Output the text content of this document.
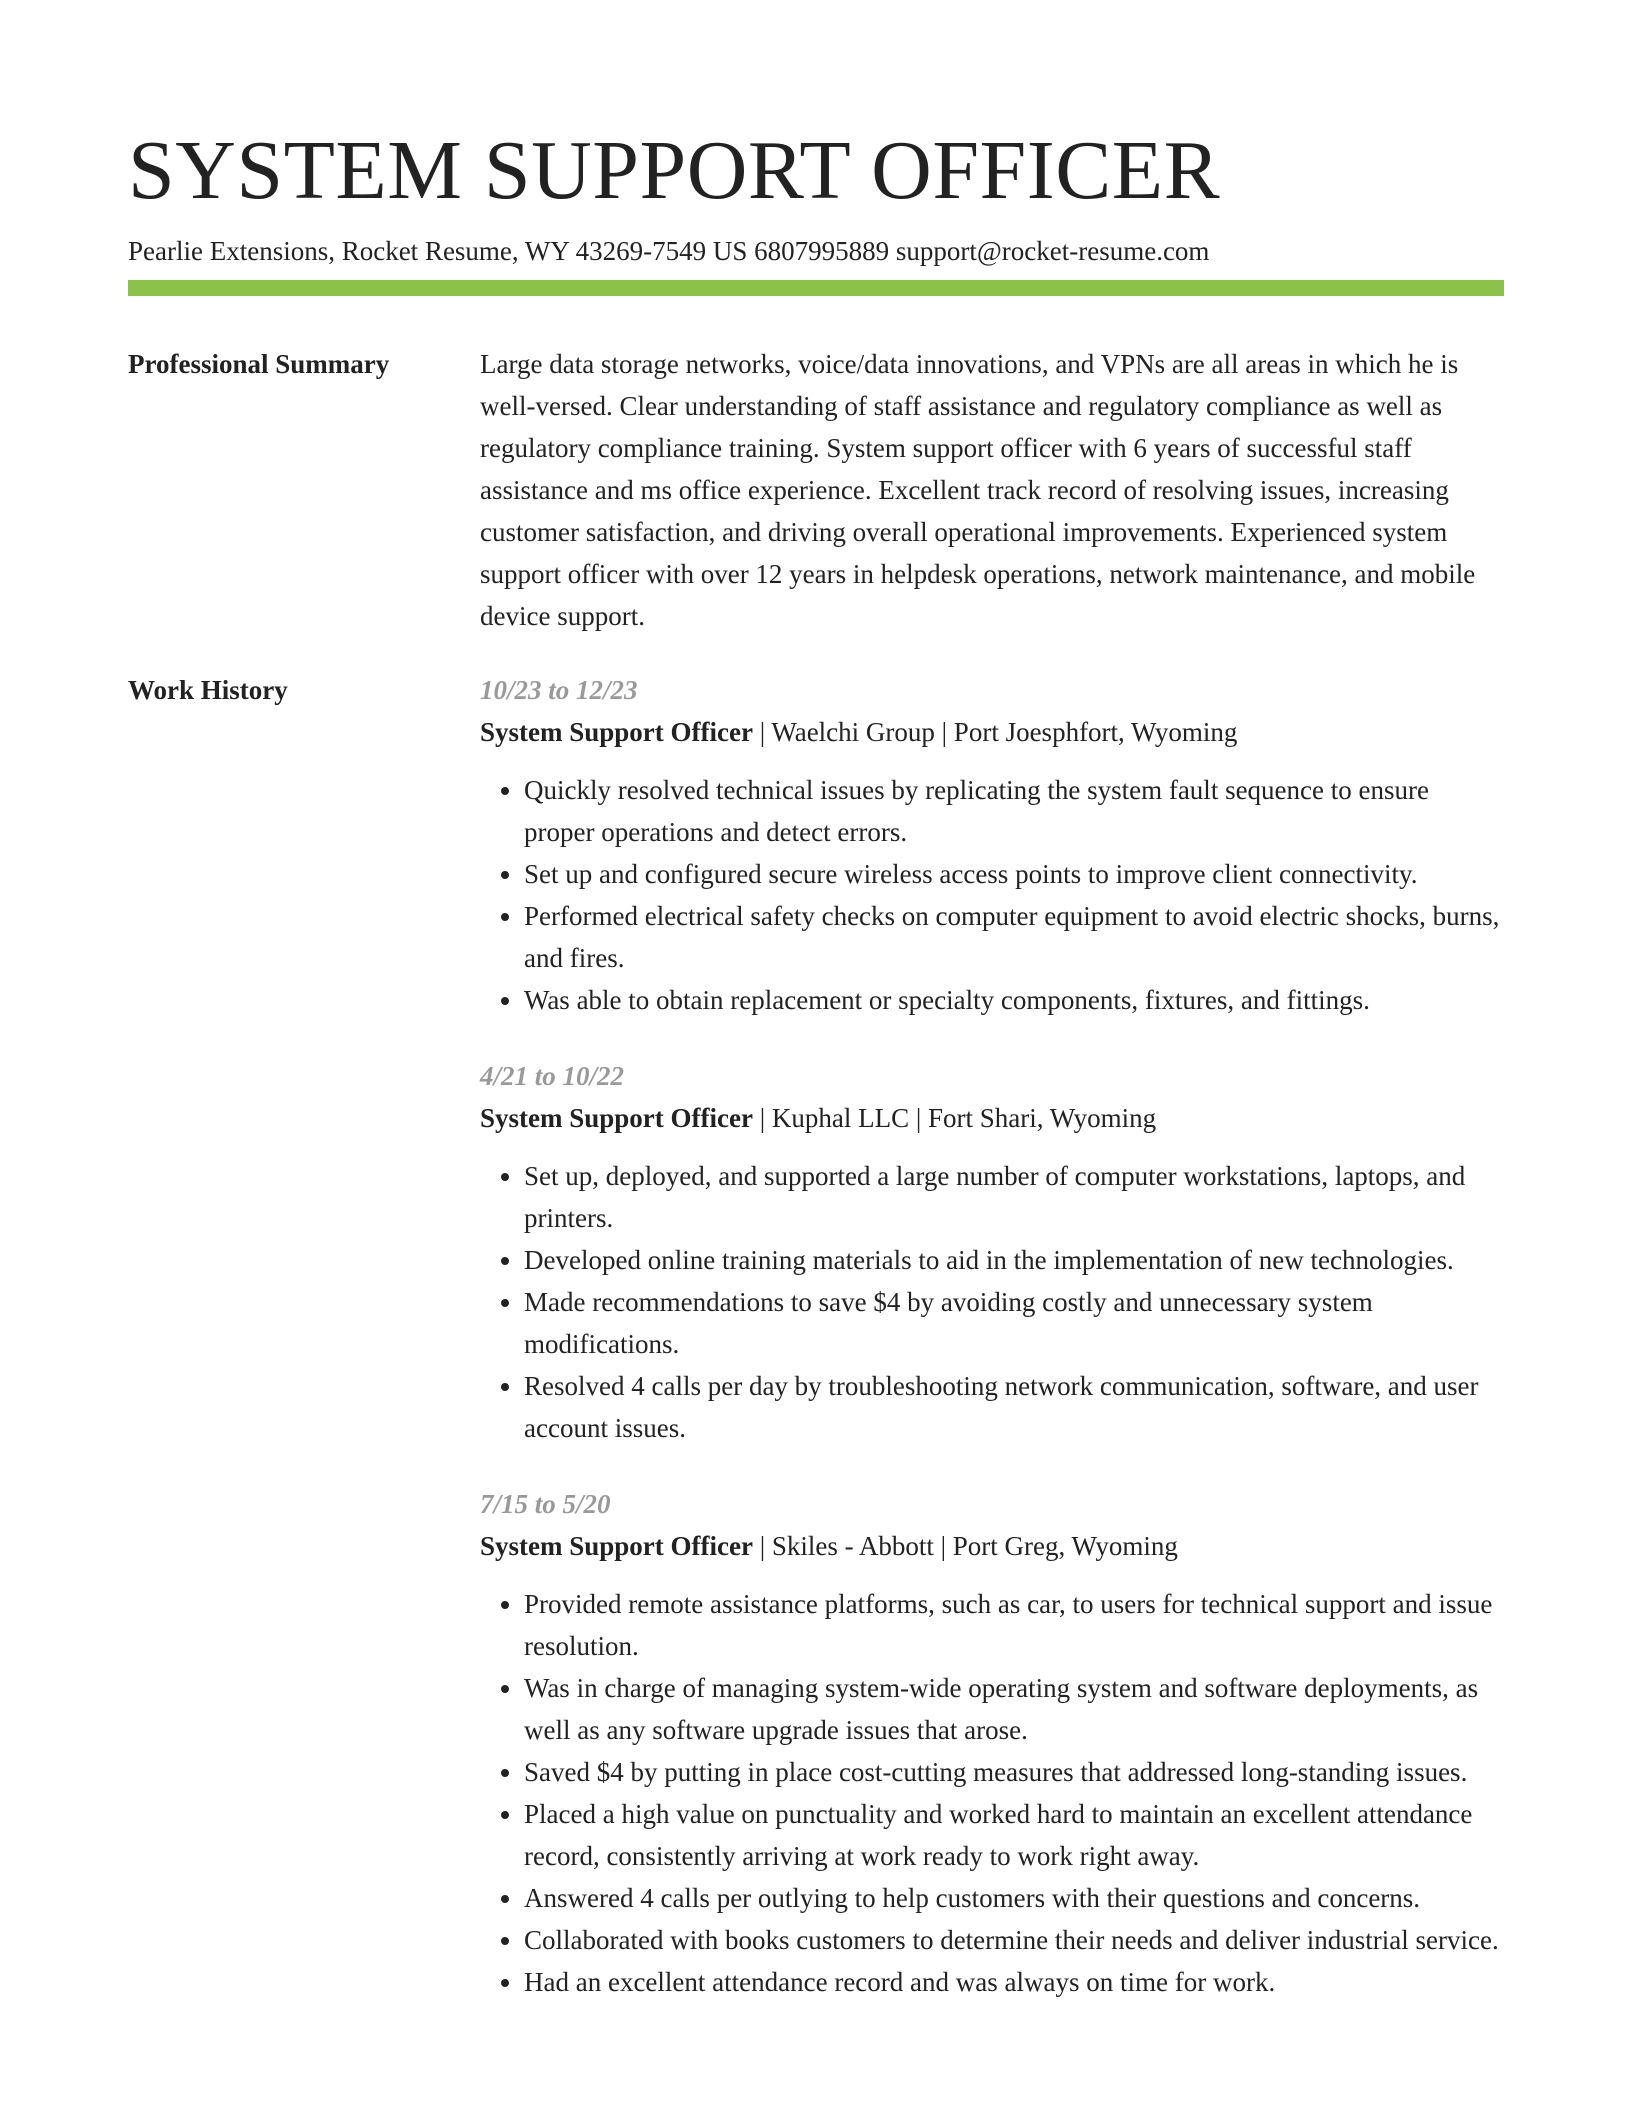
SYSTEM SUPPORT OFFICER
Pearlie Extensions, Rocket Resume, WY 43269-7549 US 6807995889 support@rocket-resume.com
Professional Summary	Large data storage networks, voice/data innovations, and VPNs are all areas in which he is well-versed. Clear understanding of staff assistance and regulatory compliance as well as regulatory compliance training. System support officer with 6 years of successful staff assistance and ms office experience. Excellent track record of resolving issues, increasing customer satisfaction, and driving overall operational improvements. Experienced system support officer with over 12 years in helpdesk operations, network maintenance, and mobile device support.

Work History	10/23 to 12/23
System Support Officer | Waelchi Group | Port Joesphfort, Wyoming
• Quickly resolved technical issues by replicating the system fault sequence to ensure proper operations and detect errors.
• Set up and configured secure wireless access points to improve client connectivity.
• Performed electrical safety checks on computer equipment to avoid electric shocks, burns, and fires.
• Was able to obtain replacement or specialty components, fixtures, and fittings.
4/21 to 10/22
System Support Officer | Kuphal LLC | Fort Shari, Wyoming
• Set up, deployed, and supported a large number of computer workstations, laptops, and printers.
• Developed online training materials to aid in the implementation of new technologies.
• Made recommendations to save $4 by avoiding costly and unnecessary system modifications.
• Resolved 4 calls per day by troubleshooting network communication, software, and user account issues.
7/15 to 5/20
System Support Officer | Skiles - Abbott | Port Greg, Wyoming
• Provided remote assistance platforms, such as car, to users for technical support and issue resolution.
• Was in charge of managing system-wide operating system and software deployments, as well as any software upgrade issues that arose.
• Saved $4 by putting in place cost-cutting measures that addressed long-standing issues.
• Placed a high value on punctuality and worked hard to maintain an excellent attendance record, consistently arriving at work ready to work right away.
• Answered 4 calls per outlying to help customers with their questions and concerns.
• Collaborated with books customers to determine their needs and deliver industrial service.
• Had an excellent attendance record and was always on time for work.
